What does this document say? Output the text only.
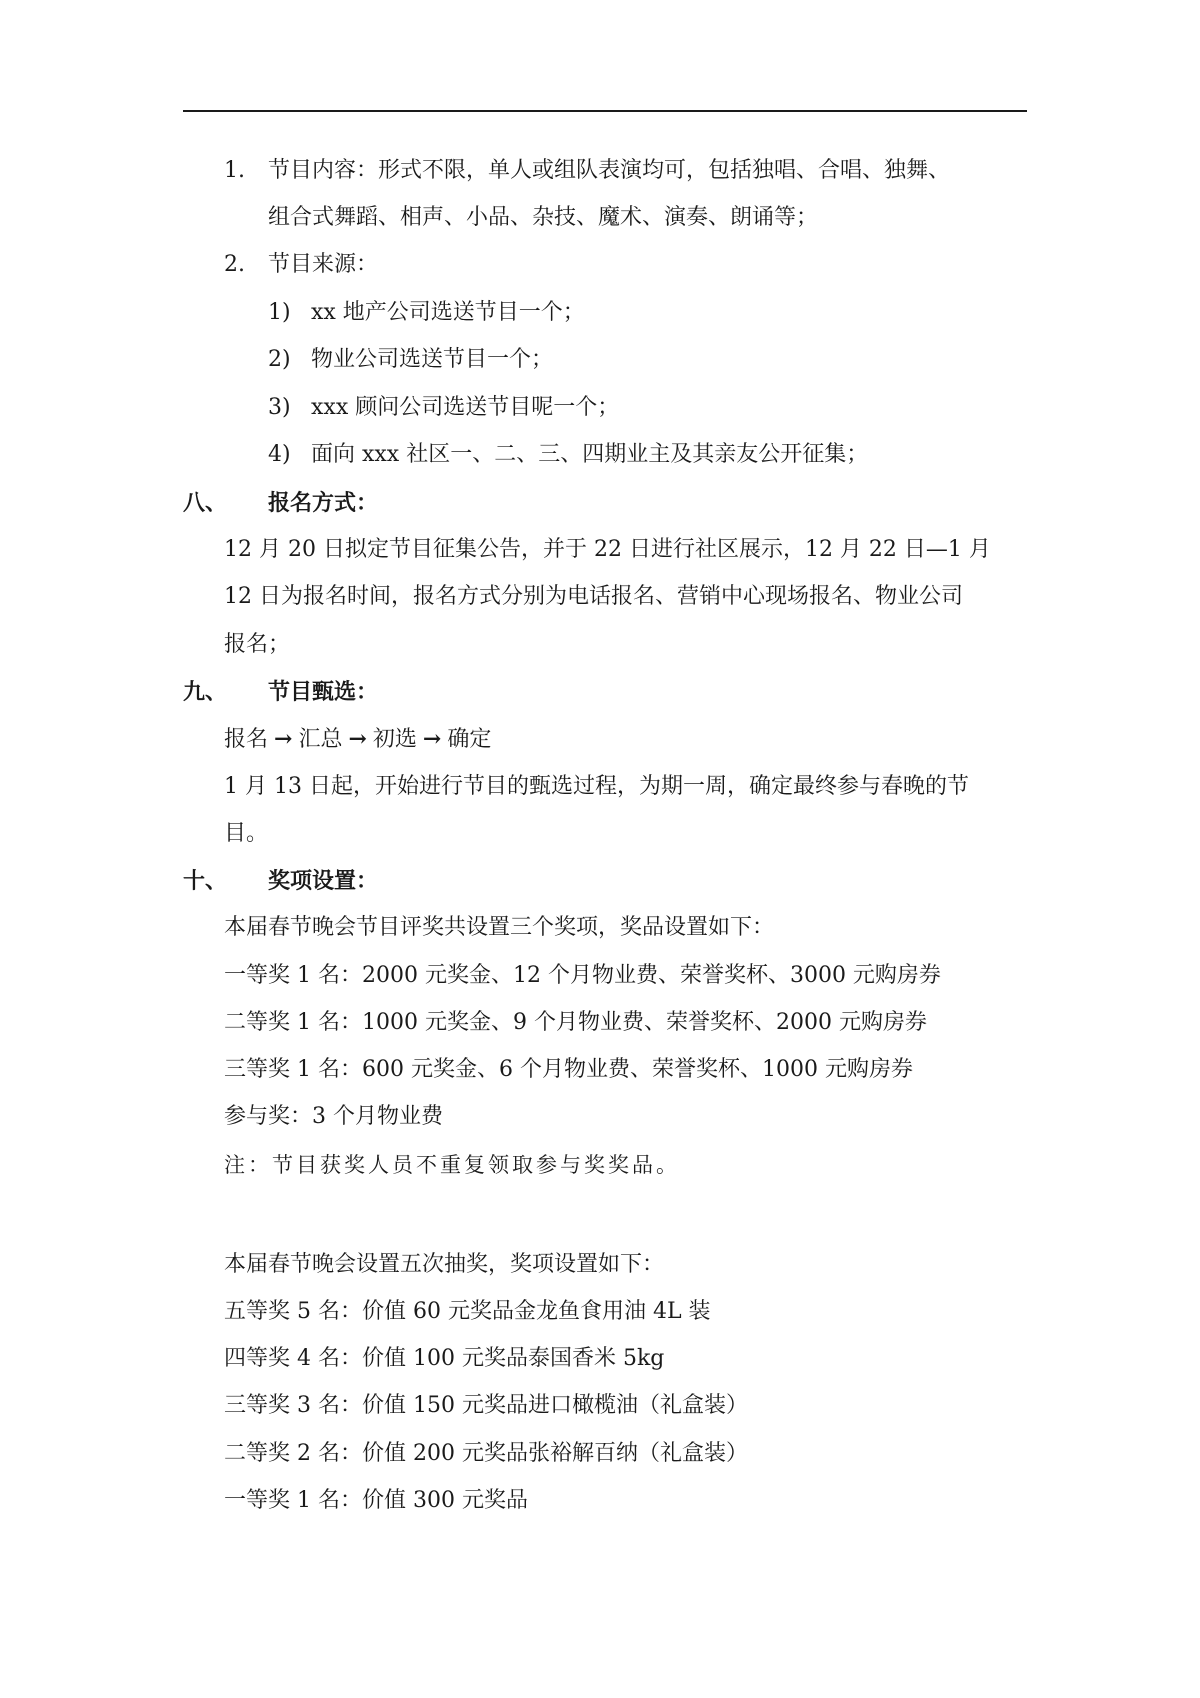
1. 节目内容：形式不限，单人或组队表演均可，包括独唱、合唱、独舞、
组合式舞蹈、相声、小品、杂技、魔术、演奏、朗诵等；
2. 节目来源：
1) xx 地产公司选送节目一个；
2) 物业公司选送节目一个；
3) xxx 顾问公司选送节目呢一个；
4) 面向 xxx 社区一、二、三、四期业主及其亲友公开征集；
八、 报名方式：
12 月 20 日拟定节目征集公告，并于 22 日进行社区展示，12 月 22 日—1 月
12 日为报名时间，报名方式分别为电话报名、营销中心现场报名、物业公司
报名；
九、 节目甄选：
报名 → 汇总 → 初选 → 确定
1 月 13 日起，开始进行节目的甄选过程，为期一周，确定最终参与春晚的节
目。
十、 奖项设置：
本届春节晚会节目评奖共设置三个奖项，奖品设置如下：
一等奖 1 名：2000 元奖金、12 个月物业费、荣誉奖杯、3000 元购房券
二等奖 1 名：1000 元奖金、9 个月物业费、荣誉奖杯、2000 元购房券
三等奖 1 名：600 元奖金、6 个月物业费、荣誉奖杯、1000 元购房券
参与奖：3 个月物业费
注：节目获奖人员不重复领取参与奖奖品。
本届春节晚会设置五次抽奖，奖项设置如下：
五等奖 5 名：价值 60 元奖品金龙鱼食用油 4L 装
四等奖 4 名：价值 100 元奖品泰国香米 5kg
三等奖 3 名：价值 150 元奖品进口橄榄油（礼盒装）
二等奖 2 名：价值 200 元奖品张裕解百纳（礼盒装）
一等奖 1 名：价值 300 元奖品
